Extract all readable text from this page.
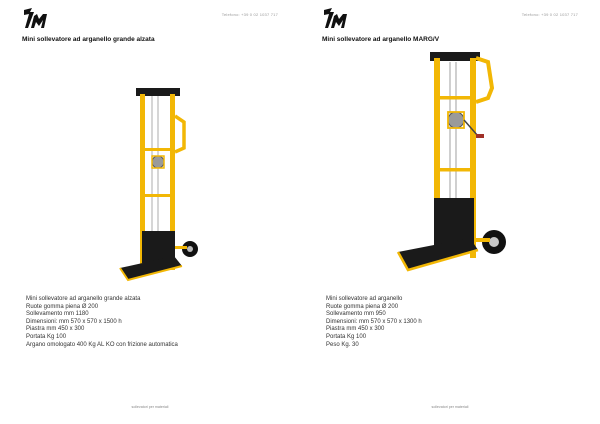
Telefono: +39 0 02 1037 717
Mini sollevatore ad arganello grande alzata
Mini sollevatore ad arganello grande alzata
Ruote gomma piena Ø 200
Sollevamento mm 1180
Dimensioni: mm 570 x 570 x 1500 h
Piastra mm 450 x 300
Portata Kg 100
Argano omologato 400 Kg AL KO con frizione automatica
sollevatori per materiali
Telefono: +39 0 02 1037 717
Mini sollevatore ad arganello MARG/V
Mini sollevatore ad arganello
Ruote gomma piena Ø 200
Sollevamento mm 950
Dimensioni: mm 570 x 570 x 1300 h
Piastra mm 450 x 300
Portata Kg 100
Peso Kg. 30
sollevatori per materiali
